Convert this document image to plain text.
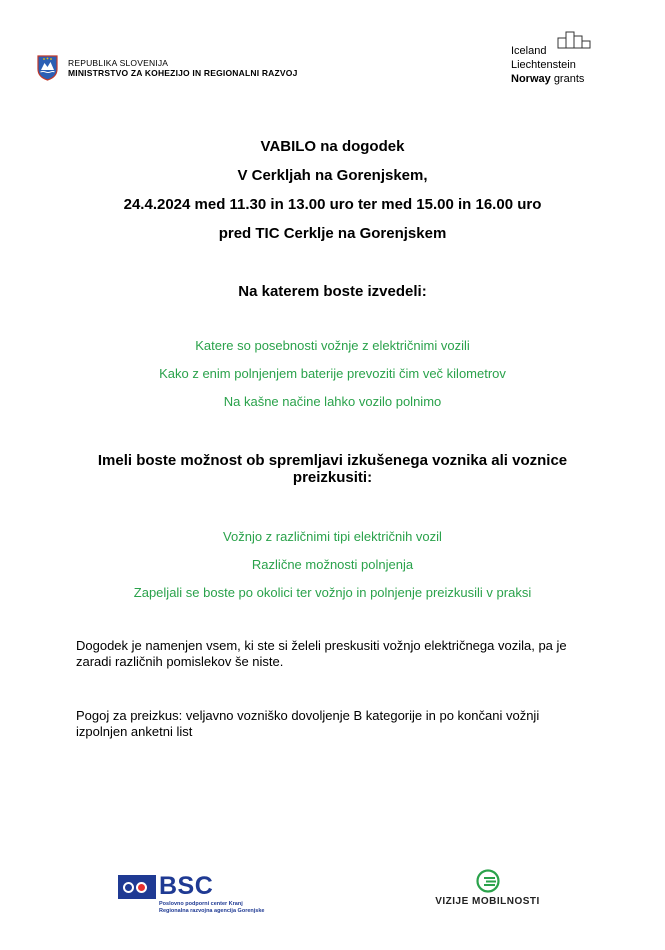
REPUBLIKA SLOVENIJA
MINISTRSTVO ZA KOHEZIJO IN REGIONALNI RAZVOJ
Iceland
Liechtenstein
Norway grants
VABILO na dogodek
V Cerkljah na Gorenjskem,
24.4.2024 med 11.30 in 13.00 uro ter med 15.00 in 16.00 uro
pred TIC Cerklje na Gorenjskem
Na katerem boste izvedeli:
Katere so posebnosti vožnje z električnimi vozili
Kako z enim polnjenjem baterije prevoziti čim več kilometrov
Na kašne načine lahko vozilo polnimo
Imeli boste možnost ob spremljavi izkušenega voznika ali voznice
preizkusiti:
Vožnjo z različnimi tipi električnih vozil
Različne možnosti polnjenja
Zapeljali se boste po okolici ter vožnjo in polnjenje preizkusili v praksi
Dogodek je namenjen vsem, ki ste si želeli preskusiti vožnjo električnega vozila, pa je
zaradi različnih pomislekov še niste.
Pogoj za preizkus: veljavno vozniško dovoljenje B kategorije in po končani vožnji
izpolnjen anketni list
BSC
Poslovno podporni center Kranj
Regionalna razvojna agencija Gorenjske
VIZIJE MOBILNOSTI
